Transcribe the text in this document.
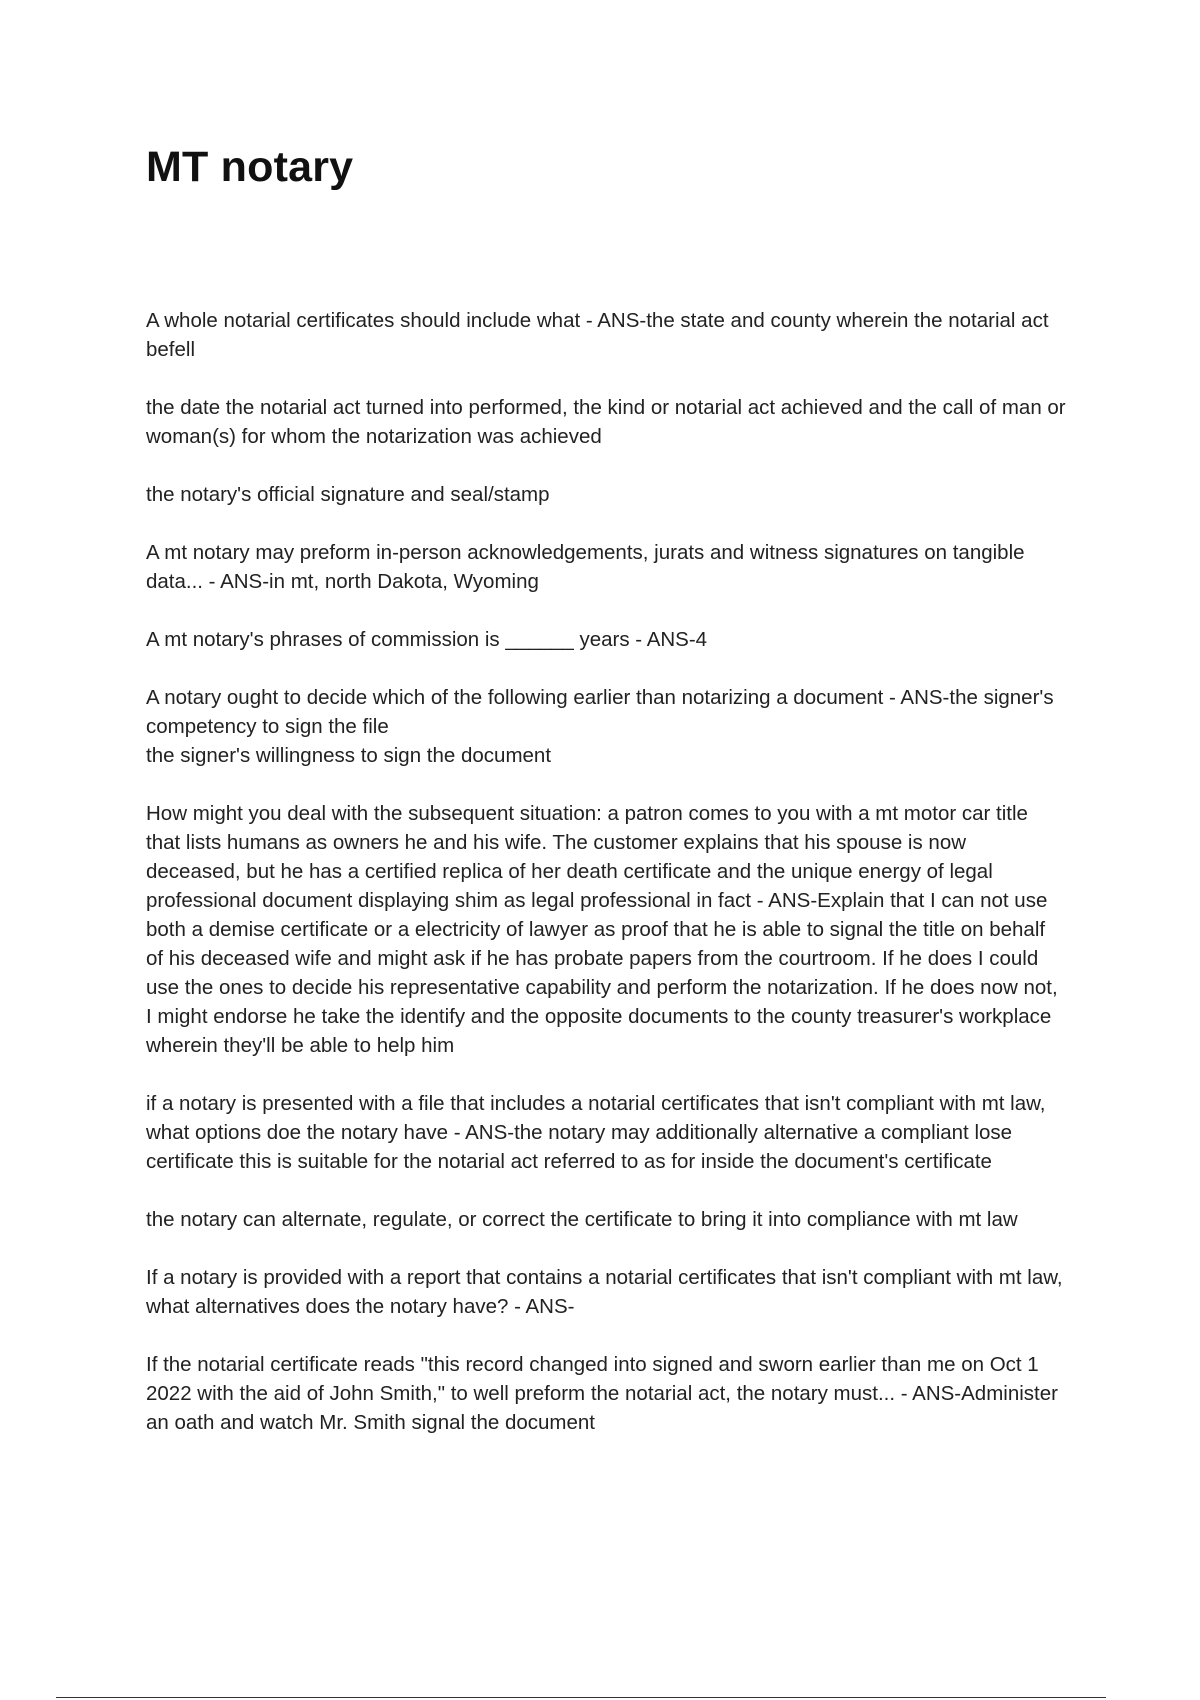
MT notary

A whole notarial certificates should include what - ANS-the state and county wherein the notarial act befell

the date the notarial act turned into performed, the kind or notarial act achieved and the call of man or woman(s) for whom the notarization was achieved

the notary's official signature and seal/stamp

A mt notary may preform in-person acknowledgements, jurats and witness signatures on tangible data... - ANS-in mt, north Dakota, Wyoming

A mt notary's phrases of commission is ______ years - ANS-4

A notary ought to decide which of the following earlier than notarizing a document - ANS-the signer's competency to sign the file
the signer's willingness to sign the document

How might you deal with the subsequent situation: a patron comes to you with a mt motor car title that lists humans as owners he and his wife. The customer explains that his spouse is now deceased, but he has a certified replica of her death certificate and the unique energy of legal professional document displaying shim as legal professional in fact - ANS-Explain that I can not use both a demise certificate or a electricity of lawyer as proof that he is able to signal the title on behalf of his deceased wife and might ask if he has probate papers from the courtroom. If he does I could use the ones to decide his representative capability and perform the notarization. If he does now not, I might endorse he take the identify and the opposite documents to the county treasurer's workplace wherein they'll be able to help him

if a notary is presented with a file that includes a notarial certificates that isn't compliant with mt law, what options doe the notary have - ANS-the notary may additionally alternative a compliant lose certificate this is suitable for the notarial act referred to as for inside the document's certificate

the notary can alternate, regulate, or correct the certificate to bring it into compliance with mt law

If a notary is provided with a report that contains a notarial certificates that isn't compliant with mt law, what alternatives does the notary have? - ANS-

If the notarial certificate reads "this record changed into signed and sworn earlier than me on Oct 1 2022 with the aid of John Smith," to well preform the notarial act, the notary must... - ANS-Administer an oath and watch Mr. Smith signal the document
